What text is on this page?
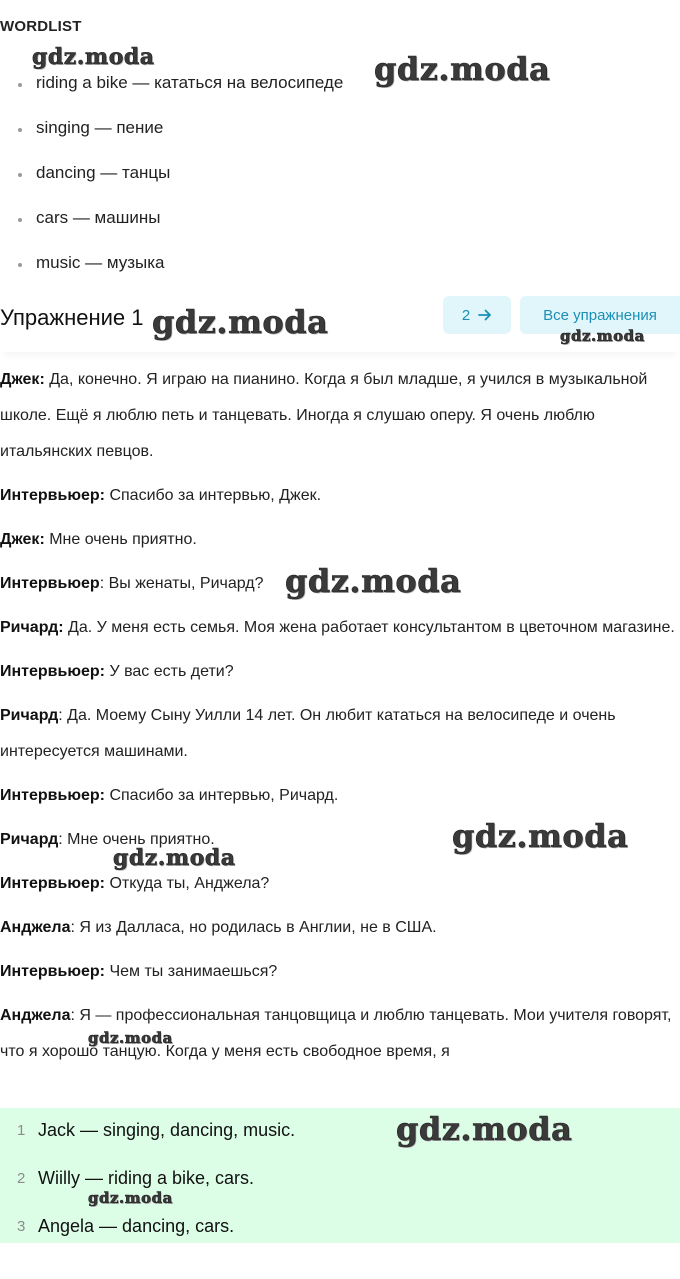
WORDLIST
riding a bike — кататься на велосипеде
singing — пение
dancing — танцы
cars — машины
music — музыка
Упражнение 1	2	Все упражнения

Джек: Да, конечно. Я играю на пианино. Когда я был младше, я учился в музыкальной школе. Ещё я люблю петь и танцевать. Иногда я слушаю оперу. Я очень люблю итальянских певцов.

Интервьюер: Спасибо за интервью, Джек.

Джек: Мне очень приятно.

Интервьюер: Вы женаты, Ричард?

Ричард: Да. У меня есть семья. Моя жена работает консультантом в цветочном магазине.

Интервьюер: У вас есть дети?

Ричард: Да. Моему Сыну Уилли 14 лет. Он любит кататься на велосипеде и очень интересуется машинами.

Интервьюер: Спасибо за интервью, Ричард.

Ричард: Мне очень приятно.

Интервьюер: Откуда ты, Анджела?

Анджела: Я из Далласа, но родилась в Англии, не в США.

Интервьюер: Чем ты занимаешься?

Анджела: Я — профессиональная танцовщица и люблю танцевать. Мои учителя говорят, что я хорошо танцую. Когда у меня есть свободное время, я

1 Jack — singing, dancing, music.
2 Wiilly — riding a bike, cars.
3 Angela — dancing, cars.
gdz.moda	gdz.moda
gdz.moda	gdz.moda
gdz.moda
gdz.moda
gdz.moda
gdz.moda
gdz.moda
gdz.moda
